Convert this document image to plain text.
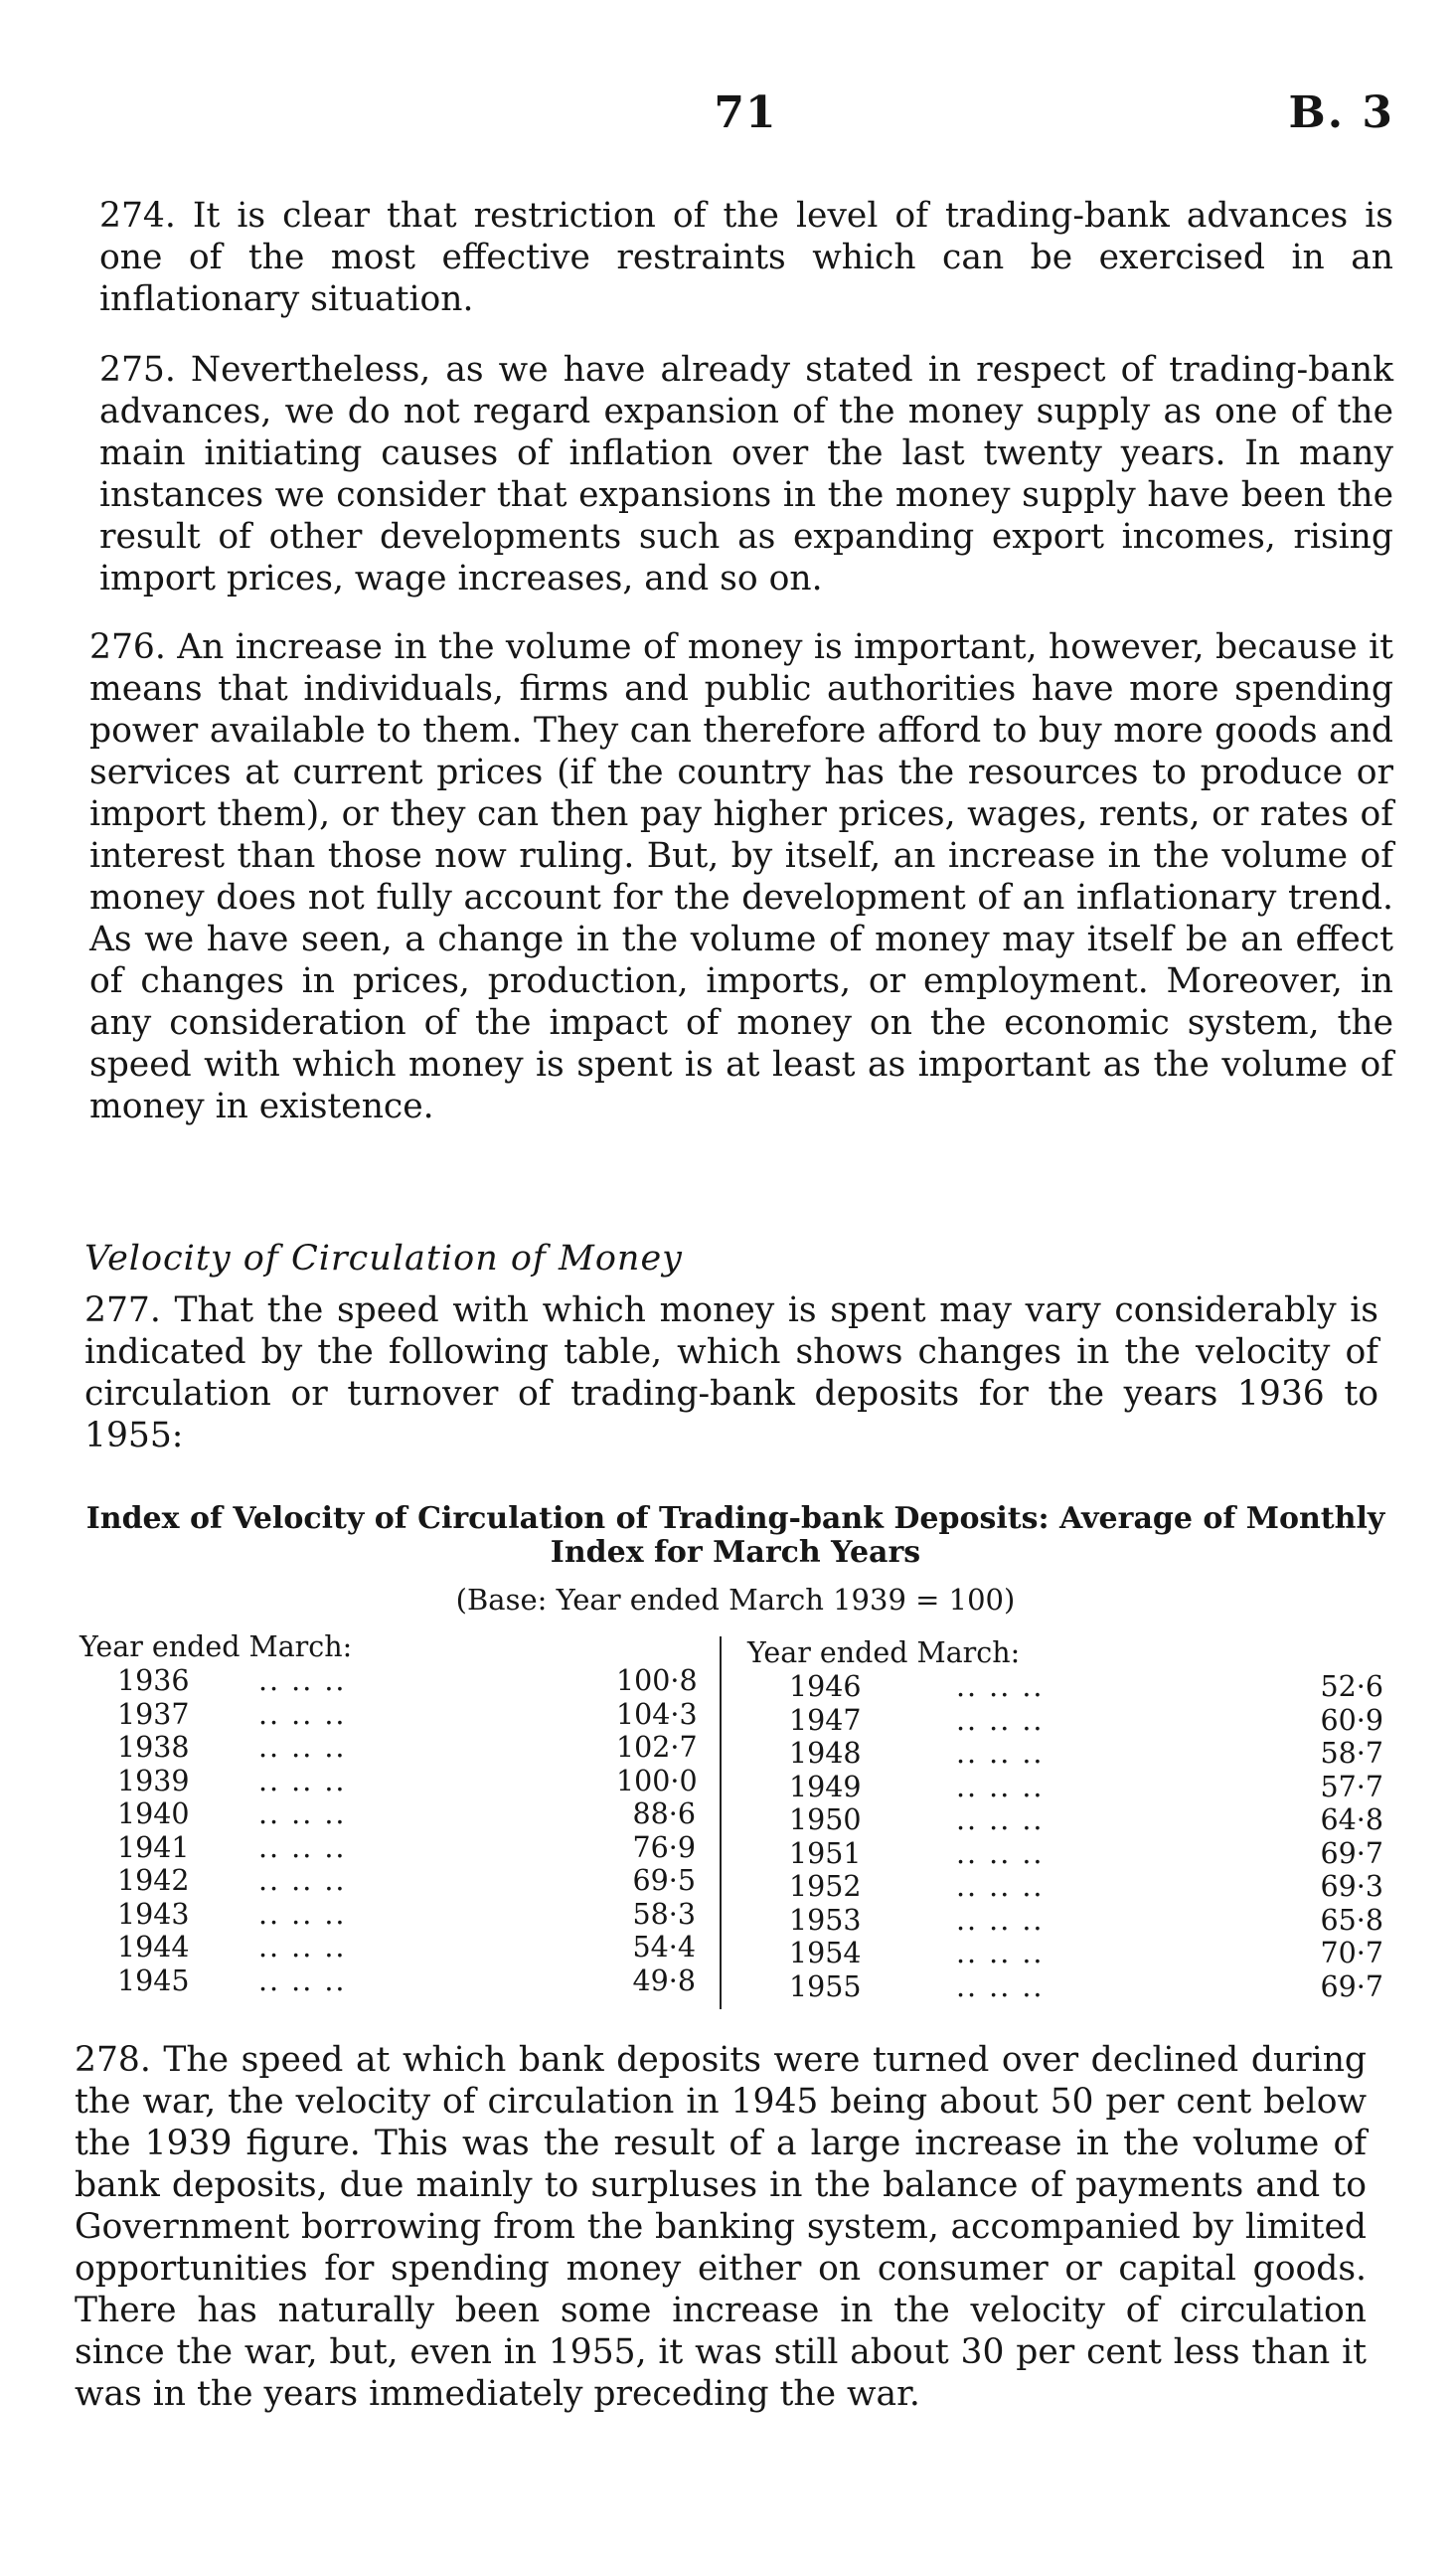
71	B. 3

274. It is clear that restriction of the level of trading-bank advances is one of the most effective restraints which can be exercised in an inflationary situation.

275. Nevertheless, as we have already stated in respect of trading-bank advances, we do not regard expansion of the money supply as one of the main initiating causes of inflation over the last twenty years. In many instances we consider that expansions in the money supply have been the result of other developments such as expanding export incomes, rising import prices, wage increases, and so on.

276. An increase in the volume of money is important, however, because it means that individuals, firms and public authorities have more spending power available to them. They can therefore afford to buy more goods and services at current prices (if the country has the resources to produce or import them), or they can then pay higher prices, wages, rents, or rates of interest than those now ruling. But, by itself, an increase in the volume of money does not fully account for the development of an inflationary trend. As we have seen, a change in the volume of money may itself be an effect of changes in prices, production, imports, or employment. Moreover, in any consideration of the impact of money on the economic system, the speed with which money is spent is at least as important as the volume of money in existence.

Velocity of Circulation of Money

277. That the speed with which money is spent may vary considerably is indicated by the following table, which shows changes in the velocity of circulation or turnover of trading-bank deposits for the years 1936 to 1955:

Index of Velocity of Circulation of Trading-bank Deposits: Average of Monthly Index for March Years
(Base: Year ended March 1939 = 100)
Year ended March:
1936 .. .. ..	100·8
1937 .. .. ..	104·3
1938 .. .. ..	102·7
1939 .. .. ..	100·0
1940 .. .. ..	88·6
1941 .. .. ..	76·9
1942 .. .. ..	69·5
1943 .. .. ..	58·3
1944 .. .. ..	54·4
1945 .. .. ..	49·8
Year ended March:
1946	.. .. ..	52·6
1947	.. .. ..	60·9
1948	.. .. ..	58·7
1949	.. .. ..	57·7
1950	.. .. ..	64·8
1951	.. .. ..	69·7
1952	.. .. ..	69·3
1953	.. .. ..	65·8
1954	.. .. ..	70·7
1955	.. .. ..	69·7

278. The speed at which bank deposits were turned over declined during the war, the velocity of circulation in 1945 being about 50 per cent below the 1939 figure. This was the result of a large increase in the volume of bank deposits, due mainly to surpluses in the balance of payments and to Government borrowing from the banking system, accompanied by limited opportunities for spending money either on consumer or capital goods. There has naturally been some increase in the velocity of circulation since the war, but, even in 1955, it was still about 30 per cent less than it was in the years immediately preceding the war.
